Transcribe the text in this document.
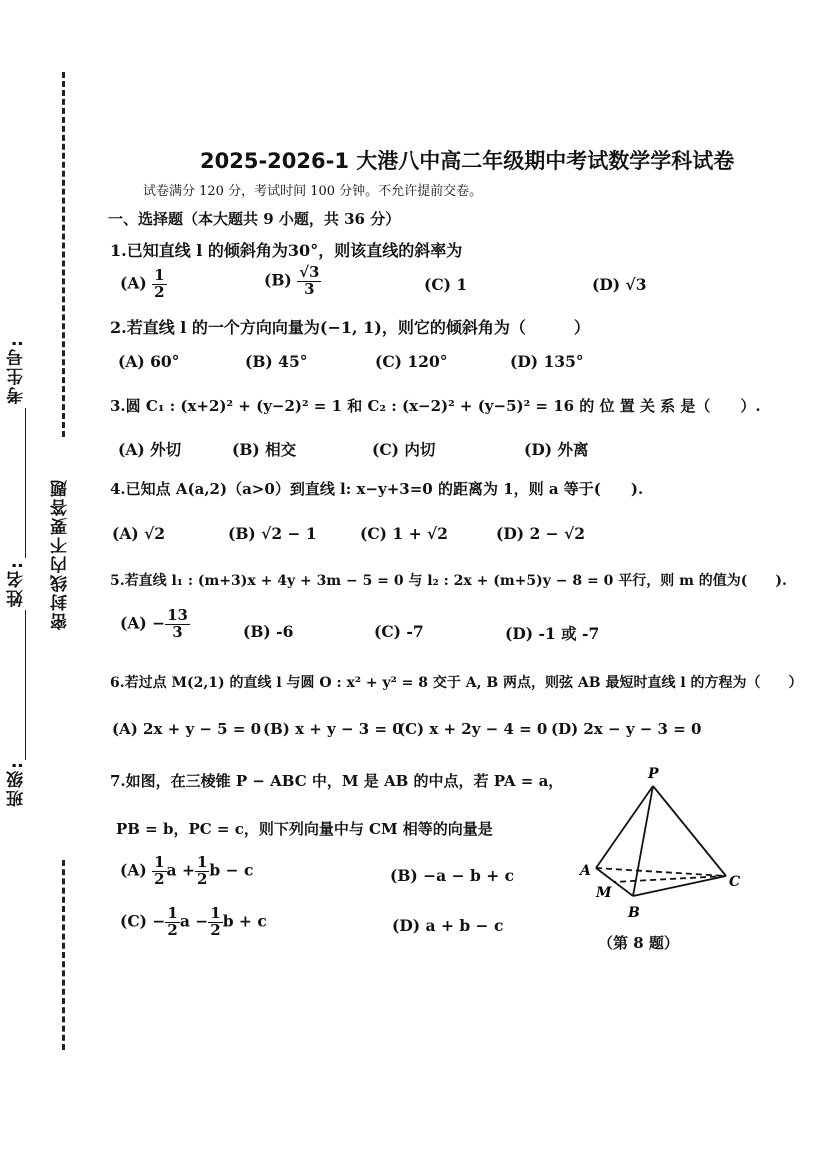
密封线内不要答题
考生号:
姓名:
班级:
2025-2026-1 大港八中高二年级期中考试数学学科试卷
试卷满分 120 分，考试时间 100 分钟。不允许提前交卷。
一、选择题（本大题共 9 小题，共 36 分）
1.已知直线 l 的倾斜角为30°，则该直线的斜率为
$(A) \frac{1}{2}$	$(B) \frac{√3}{3}$	(C) 1	(D) √3
2.若直线 l 的一个方向向量为(−1, 1)，则它的倾斜角为（　　　）
(A) 60°	(B) 45°	(C) 120°	(D) 135°
3.圆 C₁ : (x+2)² + (y−2)² = 1 和 C₂ : (x−2)² + (y−5)² = 16 的 位 置 关 系 是（　　）.
(A) 外切	(B) 相交	(C) 内切	(D) 外离
4.已知点 A(a,2)（a>0）到直线 l: x−y+3=0 的距离为 1，则 a 等于(　　).
(A) √2	(B) √2 − 1	(C) 1 + √2	(D) 2 − √2
5.若直线 l₁ : (m+3)x + 4y + 3m − 5 = 0 与 l₂ : 2x + (m+5)y − 8 = 0 平行，则 m 的值为(　　).
$(A) - \frac{13}{3}$	(B) -6	(C) -7	(D) -1 或 -7
6.若过点 M(2,1) 的直线 l 与圆 O : x² + y² = 8 交于 A, B 两点，则弦 AB 最短时直线 l 的方程为（　　）
(A) 2x + y − 5 = 0 (B) x + y − 3 = 0
(C) x + 2y − 4 = 0 (D) 2x − y − 3 = 0
7.如图，在三棱锥 P − ABC 中，M 是 AB 的中点，若 PA = a，
PB = b，PC = c，则下列向量中与 CM 相等的向量是
$(A) \frac{1}{2}$ $a + \frac{1}{2}$ b − c	(B) −a − b + c
$(C) - \frac{1}{2}$ $a - \frac{1}{2}$ b + c	(D) a + b − c
P
A
M
B
C
（第 8 题）
